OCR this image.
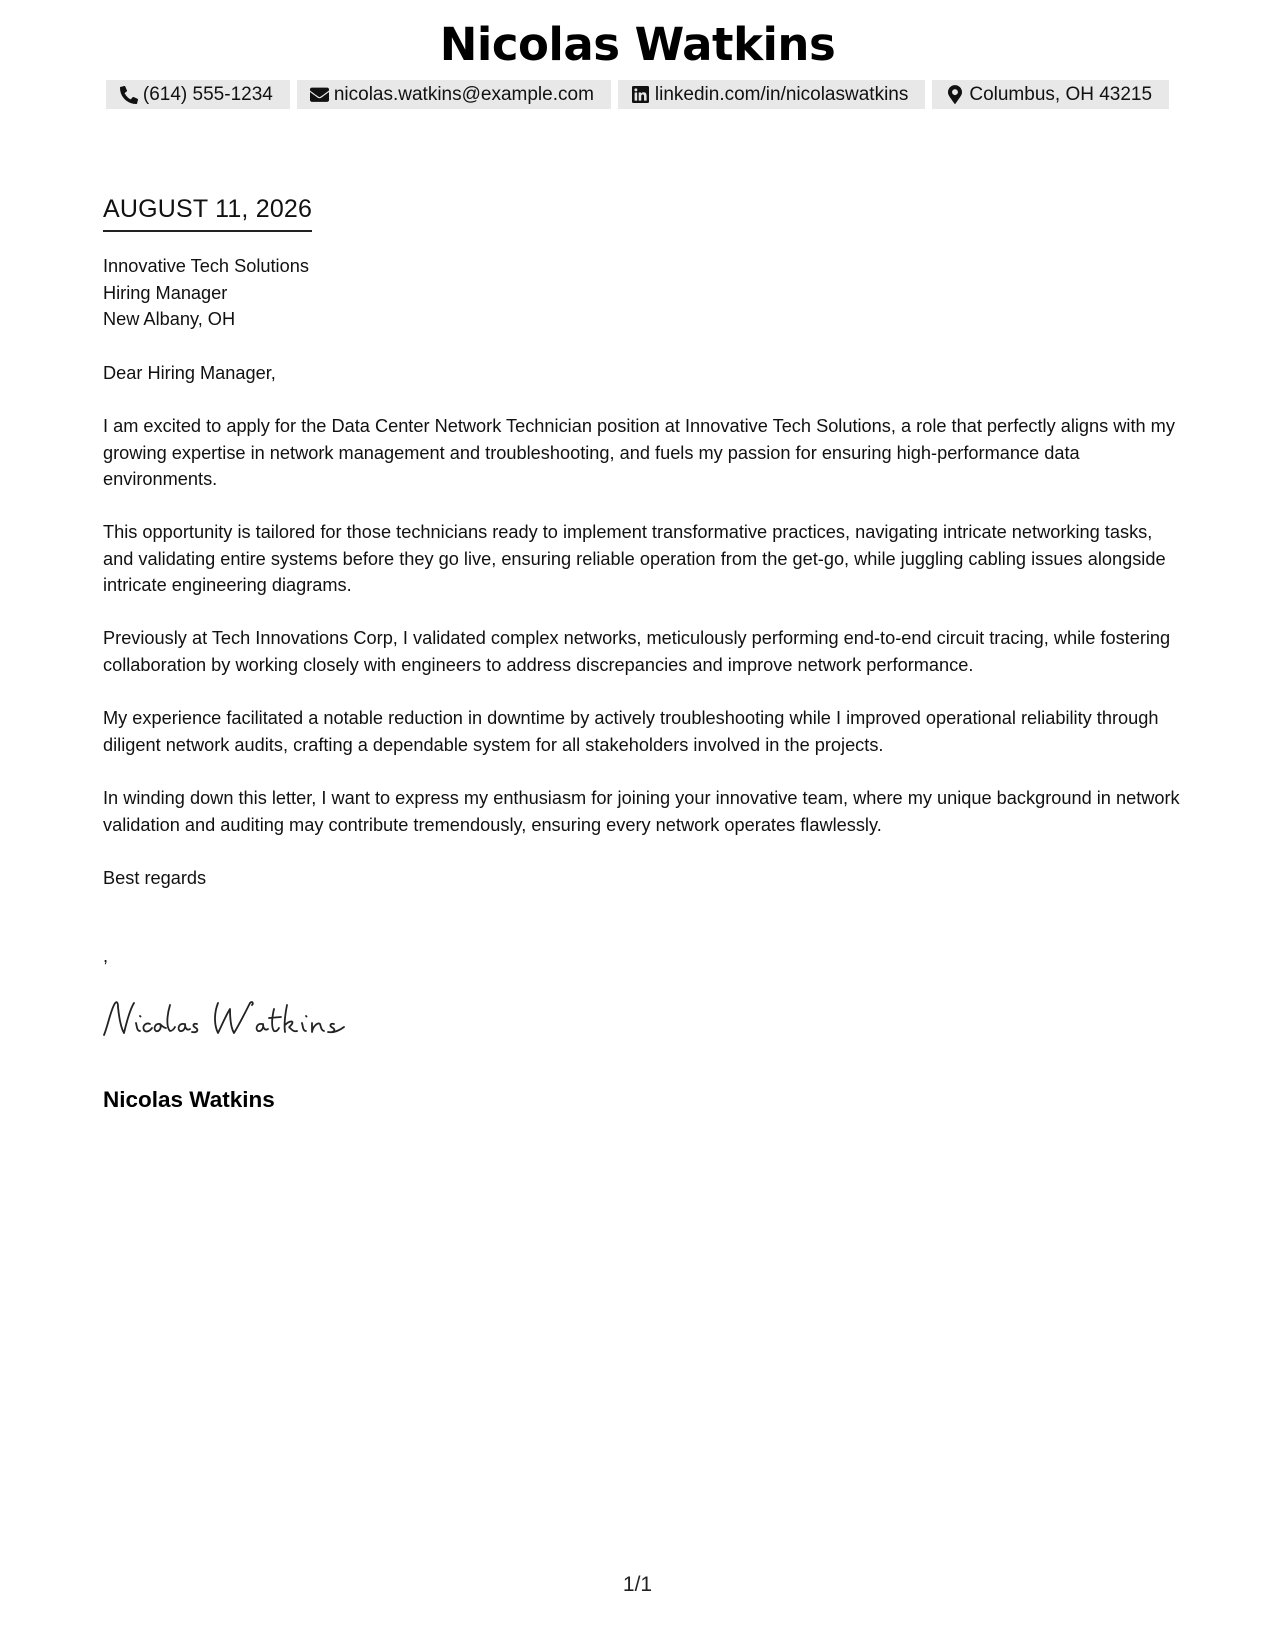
Nicolas Watkins
(614) 555-1234	nicolas.watkins@example.com	linkedin.com/in/nicolaswatkins	Columbus, OH 43215
AUGUST 11, 2026
Innovative Tech Solutions
Hiring Manager
New Albany, OH
Dear Hiring Manager,

I am excited to apply for the Data Center Network Technician position at Innovative Tech Solutions, a role that perfectly aligns with my growing expertise in network management and troubleshooting, and fuels my passion for ensuring high-performance data environments.

This opportunity is tailored for those technicians ready to implement transformative practices, navigating intricate networking tasks, and validating entire systems before they go live, ensuring reliable operation from the get-go, while juggling cabling issues alongside intricate engineering diagrams.

Previously at Tech Innovations Corp, I validated complex networks, meticulously performing end-to-end circuit tracing, while fostering collaboration by working closely with engineers to address discrepancies and improve network performance.

My experience facilitated a notable reduction in downtime by actively troubleshooting while I improved operational reliability through diligent network audits, crafting a dependable system for all stakeholders involved in the projects.

In winding down this letter, I want to express my enthusiasm for joining your innovative team, where my unique background in network validation and auditing may contribute tremendously, ensuring every network operates flawlessly.

Best regards
,
Nicolas Watkins
1/1
